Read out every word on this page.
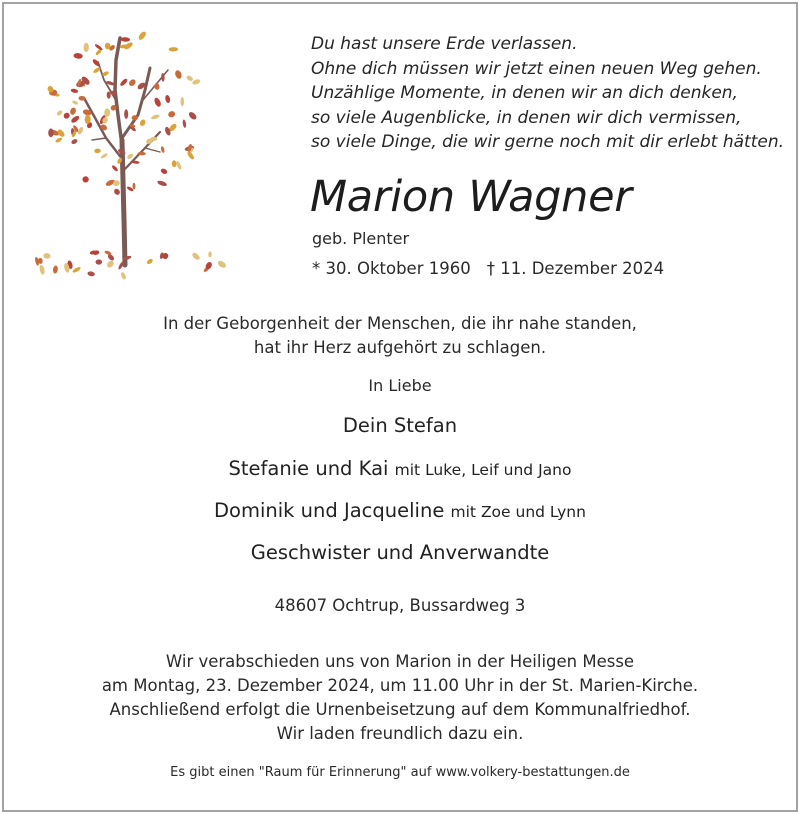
Du hast unsere Erde verlassen.
Ohne dich müssen wir jetzt einen neuen Weg gehen.
Unzählige Momente, in denen wir an dich denken,
so viele Augenblicke, in denen wir dich vermissen,
so viele Dinge, die wir gerne noch mit dir erlebt hätten.
Marion Wagner
geb. Plenter
* 30. Oktober 1960 † 11. Dezember 2024
In der Geborgenheit der Menschen, die ihr nahe standen,
hat ihr Herz aufgehört zu schlagen.
In Liebe
Dein Stefan
Stefanie und Kai mit Luke, Leif und Jano
Dominik und Jacqueline mit Zoe und Lynn
Geschwister und Anverwandte
48607 Ochtrup, Bussardweg 3
Wir verabschieden uns von Marion in der Heiligen Messe
am Montag, 23. Dezember 2024, um 11.00 Uhr in der St. Marien-Kirche.
Anschließend erfolgt die Urnenbeisetzung auf dem Kommunalfriedhof.
Wir laden freundlich dazu ein.
Es gibt einen "Raum für Erinnerung" auf www.volkery-bestattungen.de
